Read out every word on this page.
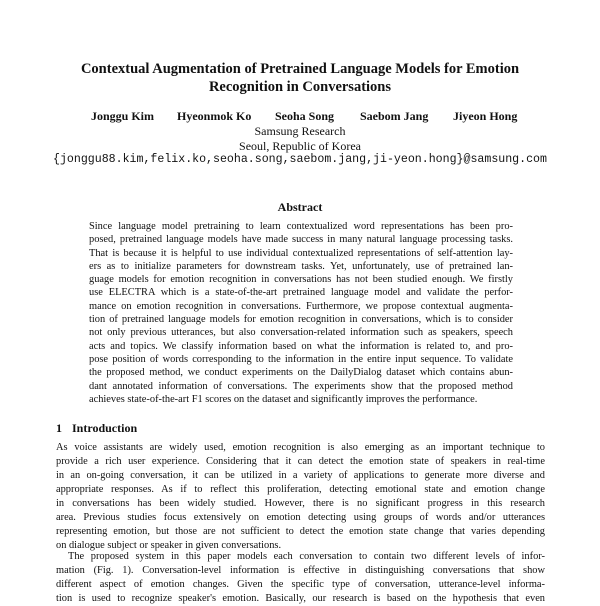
Contextual Augmentation of Pretrained Language Models for Emotion
Recognition in Conversations
Jonggu Kim Hyeonmok Ko Seoha Song Saebom Jang Jiyeon Hong
Samsung Research
Seoul, Republic of Korea
{jonggu88.kim,felix.ko,seoha.song,saebom.jang,ji-yeon.hong}@samsung.com
Abstract
Since language model pretraining to learn contextualized word representations has been pro-
posed, pretrained language models have made success in many natural language processing tasks.
That is because it is helpful to use individual contextualized representations of self-attention lay-
ers as to initialize parameters for downstream tasks. Yet, unfortunately, use of pretrained lan-
guage models for emotion recognition in conversations has not been studied enough. We firstly
use ELECTRA which is a state-of-the-art pretrained language model and validate the perfor-
mance on emotion recognition in conversations. Furthermore, we propose contextual augmenta-
tion of pretrained language models for emotion recognition in conversations, which is to consider
not only previous utterances, but also conversation-related information such as speakers, speech
acts and topics. We classify information based on what the information is related to, and pro-
pose position of words corresponding to the information in the entire input sequence. To validate
the proposed method, we conduct experiments on the DailyDialog dataset which contains abun-
dant annotated information of conversations. The experiments show that the proposed method
achieves state-of-the-art F1 scores on the dataset and significantly improves the performance.
1 Introduction
As voice assistants are widely used, emotion recognition is also emerging as an important technique to
provide a rich user experience. Considering that it can detect the emotion state of speakers in real-time
in an on-going conversation, it can be utilized in a variety of applications to generate more diverse and
appropriate responses. As if to reflect this proliferation, detecting emotional state and emotion change
in conversations has been widely studied. However, there is no significant progress in this research
area. Previous studies focus extensively on emotion detecting using groups of words and/or utterances
representing emotion, but those are not sufficient to detect the emotion state change that varies depending
on dialogue subject or speaker in given conversations.
The proposed system in this paper models each conversation to contain two different levels of infor-
mation (Fig. 1). Conversation-level information is effective in distinguishing conversations that show
different aspect of emotion changes. Given the specific type of conversation, utterance-level informa-
tion is used to recognize speaker's emotion. Basically, our research is based on the hypothesis that even
